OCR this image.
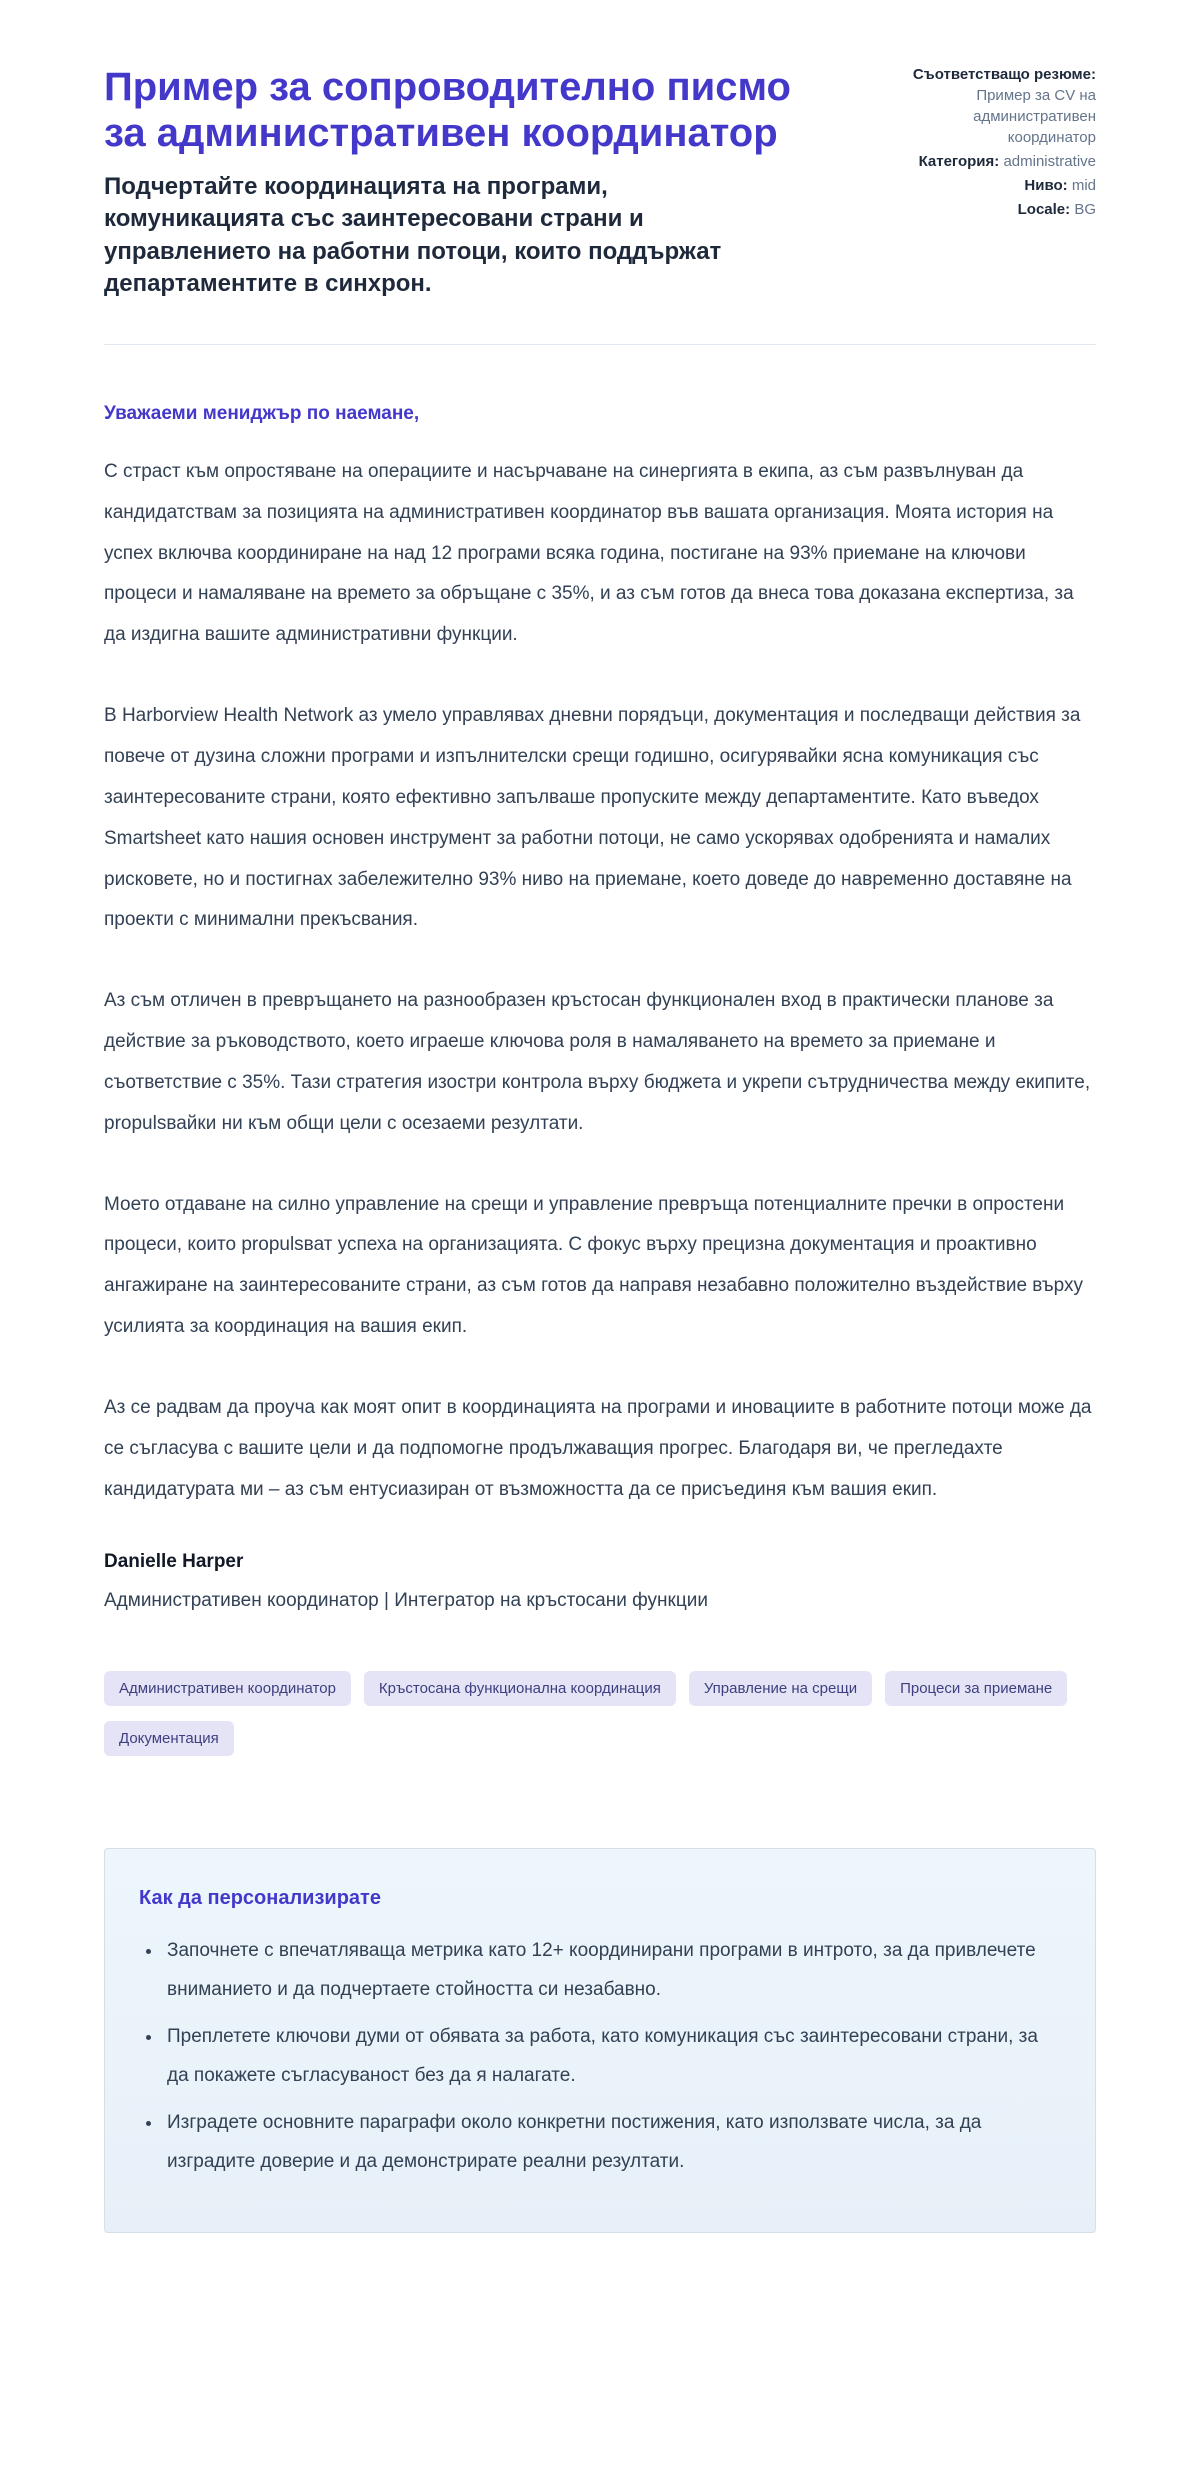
Пример за сопроводително писмо за административен координатор

Подчертайте координацията на програми, комуникацията със заинтересовани страни и управлението на работни потоци, които поддържат департаментите в синхрон.

Съответстващо резюме: Пример за CV на административен координатор

Категория: administrative

Ниво: mid

Locale: BG

Уважаеми мениджър по наемане,

С страст към опростяване на операциите и насърчаване на синергията в екипа, аз съм развълнуван да кандидатствам за позицията на административен координатор във вашата организация. Моята история на успех включва координиране на над 12 програми всяка година, постигане на 93% приемане на ключови процеси и намаляване на времето за обръщане с 35%, и аз съм готов да внеса това доказана експертиза, за да издигна вашите административни функции.

В Harborview Health Network аз умело управлявах дневни порядъци, документация и последващи действия за повече от дузина сложни програми и изпълнителски срещи годишно, осигурявайки ясна комуникация със заинтересованите страни, която ефективно запълваше пропуските между департаментите. Като въведох Smartsheet като нашия основен инструмент за работни потоци, не само ускорявах одобренията и намалих рисковете, но и постигнах забележително 93% ниво на приемане, което доведе до навременно доставяне на проекти с минимални прекъсвания.

Аз съм отличен в превръщането на разнообразен кръстосан функционален вход в практически планове за действие за ръководството, което играеше ключова роля в намаляването на времето за приемане и съответствие с 35%. Тази стратегия изостри контрола върху бюджета и укрепи сътрудничества между екипите, propulsвайки ни към общи цели с осезаеми резултати.

Моето отдаване на силно управление на срещи и управление превръща потенциалните пречки в опростени процеси, които propulsват успеха на организацията. С фокус върху прецизна документация и проактивно ангажиране на заинтересованите страни, аз съм готов да направя незабавно положително въздействие върху усилията за координация на вашия екип.

Аз се радвам да проуча как моят опит в координацията на програми и иновациите в работните потоци може да се съгласува с вашите цели и да подпомогне продължаващия прогрес. Благодаря ви, че прегледахте кандидатурата ми – аз съм ентусиазиран от възможността да се присъединя към вашия екип.

Danielle Harper

Административен координатор | Интегратор на кръстосани функции

Административен координатор	Кръстосана функционална координация	Управление на срещи	Процеси за приемане
Документация
Как да персонализирате
• Започнете с впечатляваща метрика като 12+ координирани програми в интрото, за да привлечете вниманието и да подчертаете стойността си незабавно.
• Преплетете ключови думи от обявата за работа, като комуникация със заинтересовани страни, за да покажете съгласуваност без да я налагате.
• Изградете основните параграфи около конкретни постижения, като използвате числа, за да изградите доверие и да демонстрирате реални резултати.
